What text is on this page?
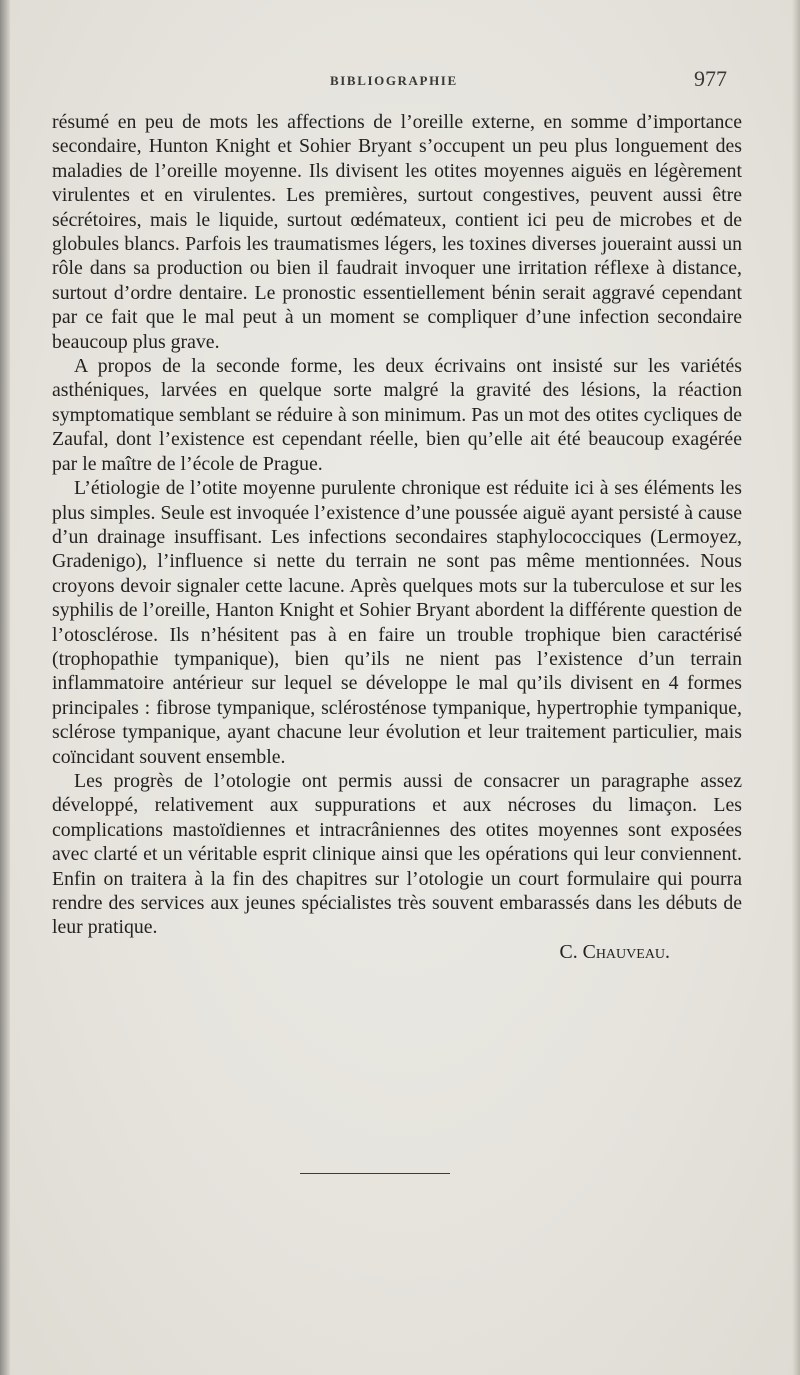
BIBLIOGRAPHIE	977

résumé en peu de mots les affections de l’oreille externe, en somme d’importance secondaire, Hunton Knight et Sohier Bryant s’occupent un peu plus longuement des maladies de l’oreille moyenne. Ils divisent les otites moyennes aiguës en légèrement virulentes et en virulentes. Les premières, surtout congestives, peuvent aussi être sécrétoires, mais le liquide, surtout œdémateux, contient ici peu de microbes et de globules blancs. Parfois les traumatismes légers, les toxines diverses joueraint aussi un rôle dans sa production ou bien il faudrait invoquer une irritation réflexe à distance, surtout d’ordre dentaire. Le pronostic essentiellement bénin serait aggravé cependant par ce fait que le mal peut à un moment se compliquer d’une infection secondaire beaucoup plus grave.

A propos de la seconde forme, les deux écrivains ont insisté sur les variétés asthéniques, larvées en quelque sorte malgré la gravité des lésions, la réaction symptomatique semblant se réduire à son minimum. Pas un mot des otites cycliques de Zaufal, dont l’existence est cependant réelle, bien qu’elle ait été beaucoup exagérée par le maître de l’école de Prague.

L’étiologie de l’otite moyenne purulente chronique est réduite ici à ses éléments les plus simples. Seule est invoquée l’existence d’une poussée aiguë ayant persisté à cause d’un drainage insuffisant. Les infections secondaires staphylococciques (Lermoyez, Gradenigo), l’influence si nette du terrain ne sont pas même mentionnées. Nous croyons devoir signaler cette lacune. Après quelques mots sur la tuberculose et sur les syphilis de l’oreille, Hanton Knight et Sohier Bryant abordent la différente question de l’otosclérose. Ils n’hésitent pas à en faire un trouble trophique bien caractérisé (trophopathie tympanique), bien qu’ils ne nient pas l’existence d’un terrain inflammatoire antérieur sur lequel se développe le mal qu’ils divisent en 4 formes principales : fibrose tympanique, sclérosténose tympanique, hypertrophie tympanique, sclérose tympanique, ayant chacune leur évolution et leur traitement particulier, mais coïncidant souvent ensemble.

Les progrès de l’otologie ont permis aussi de consacrer un paragraphe assez développé, relativement aux suppurations et aux nécroses du limaçon. Les complications mastoïdiennes et intracrâniennes des otites moyennes sont exposées avec clarté et un véritable esprit clinique ainsi que les opérations qui leur conviennent. Enfin on traitera à la fin des chapitres sur l’otologie un court formulaire qui pourra rendre des services aux jeunes spécialistes très souvent embarassés dans les débuts de leur pratique.

C. Chauveau.
